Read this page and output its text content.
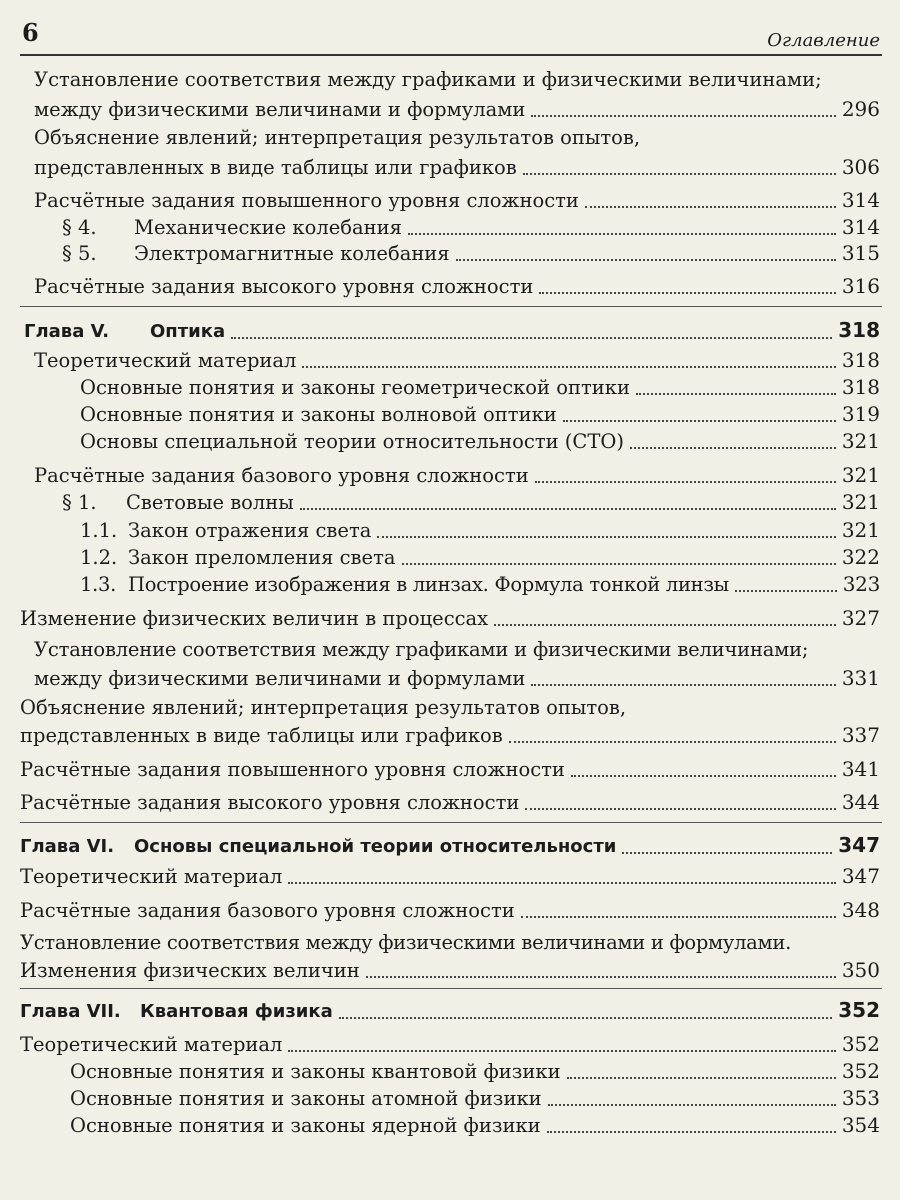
6	Оглавление
Установление соответствия между графиками и физическими величинами;
между физическими величинами и формулами	296
Объяснение явлений; интерпретация результатов опытов,
представленных в виде таблицы или графиков	306
Расчётные задания повышенного уровня сложности	314
§ 4.	Механические колебания	314
§ 5.	Электромагнитные колебания	315
Расчётные задания высокого уровня сложности	316
Глава V.	Оптика	318
Теоретический материал	318
Основные понятия и законы геометрической оптики	318
Основные понятия и законы волновой оптики	319
Основы специальной теории относительности (СТО)	321
Расчётные задания базового уровня сложности	321
§ 1.	Световые волны	321
1.1. Закон отражения света	321
1.2. Закон преломления света	322
1.3. Построение изображения в линзах. Формула тонкой линзы	323
Изменение физических величин в процессах	327
Установление соответствия между графиками и физическими величинами;
между физическими величинами и формулами	331
Объяснение явлений; интерпретация результатов опытов,
представленных в виде таблицы или графиков	337
Расчётные задания повышенного уровня сложности	341
Расчётные задания высокого уровня сложности	344
Глава VI.	Основы специальной теории относительности	347
Теоретический материал	347
Расчётные задания базового уровня сложности	348
Установление соответствия между физическими величинами и формулами.
Изменения физических величин	350
Глава VII.	Квантовая физика	352
Теоретический материал	352
Основные понятия и законы квантовой физики	352
Основные понятия и законы атомной физики	353
Основные понятия и законы ядерной физики	354
